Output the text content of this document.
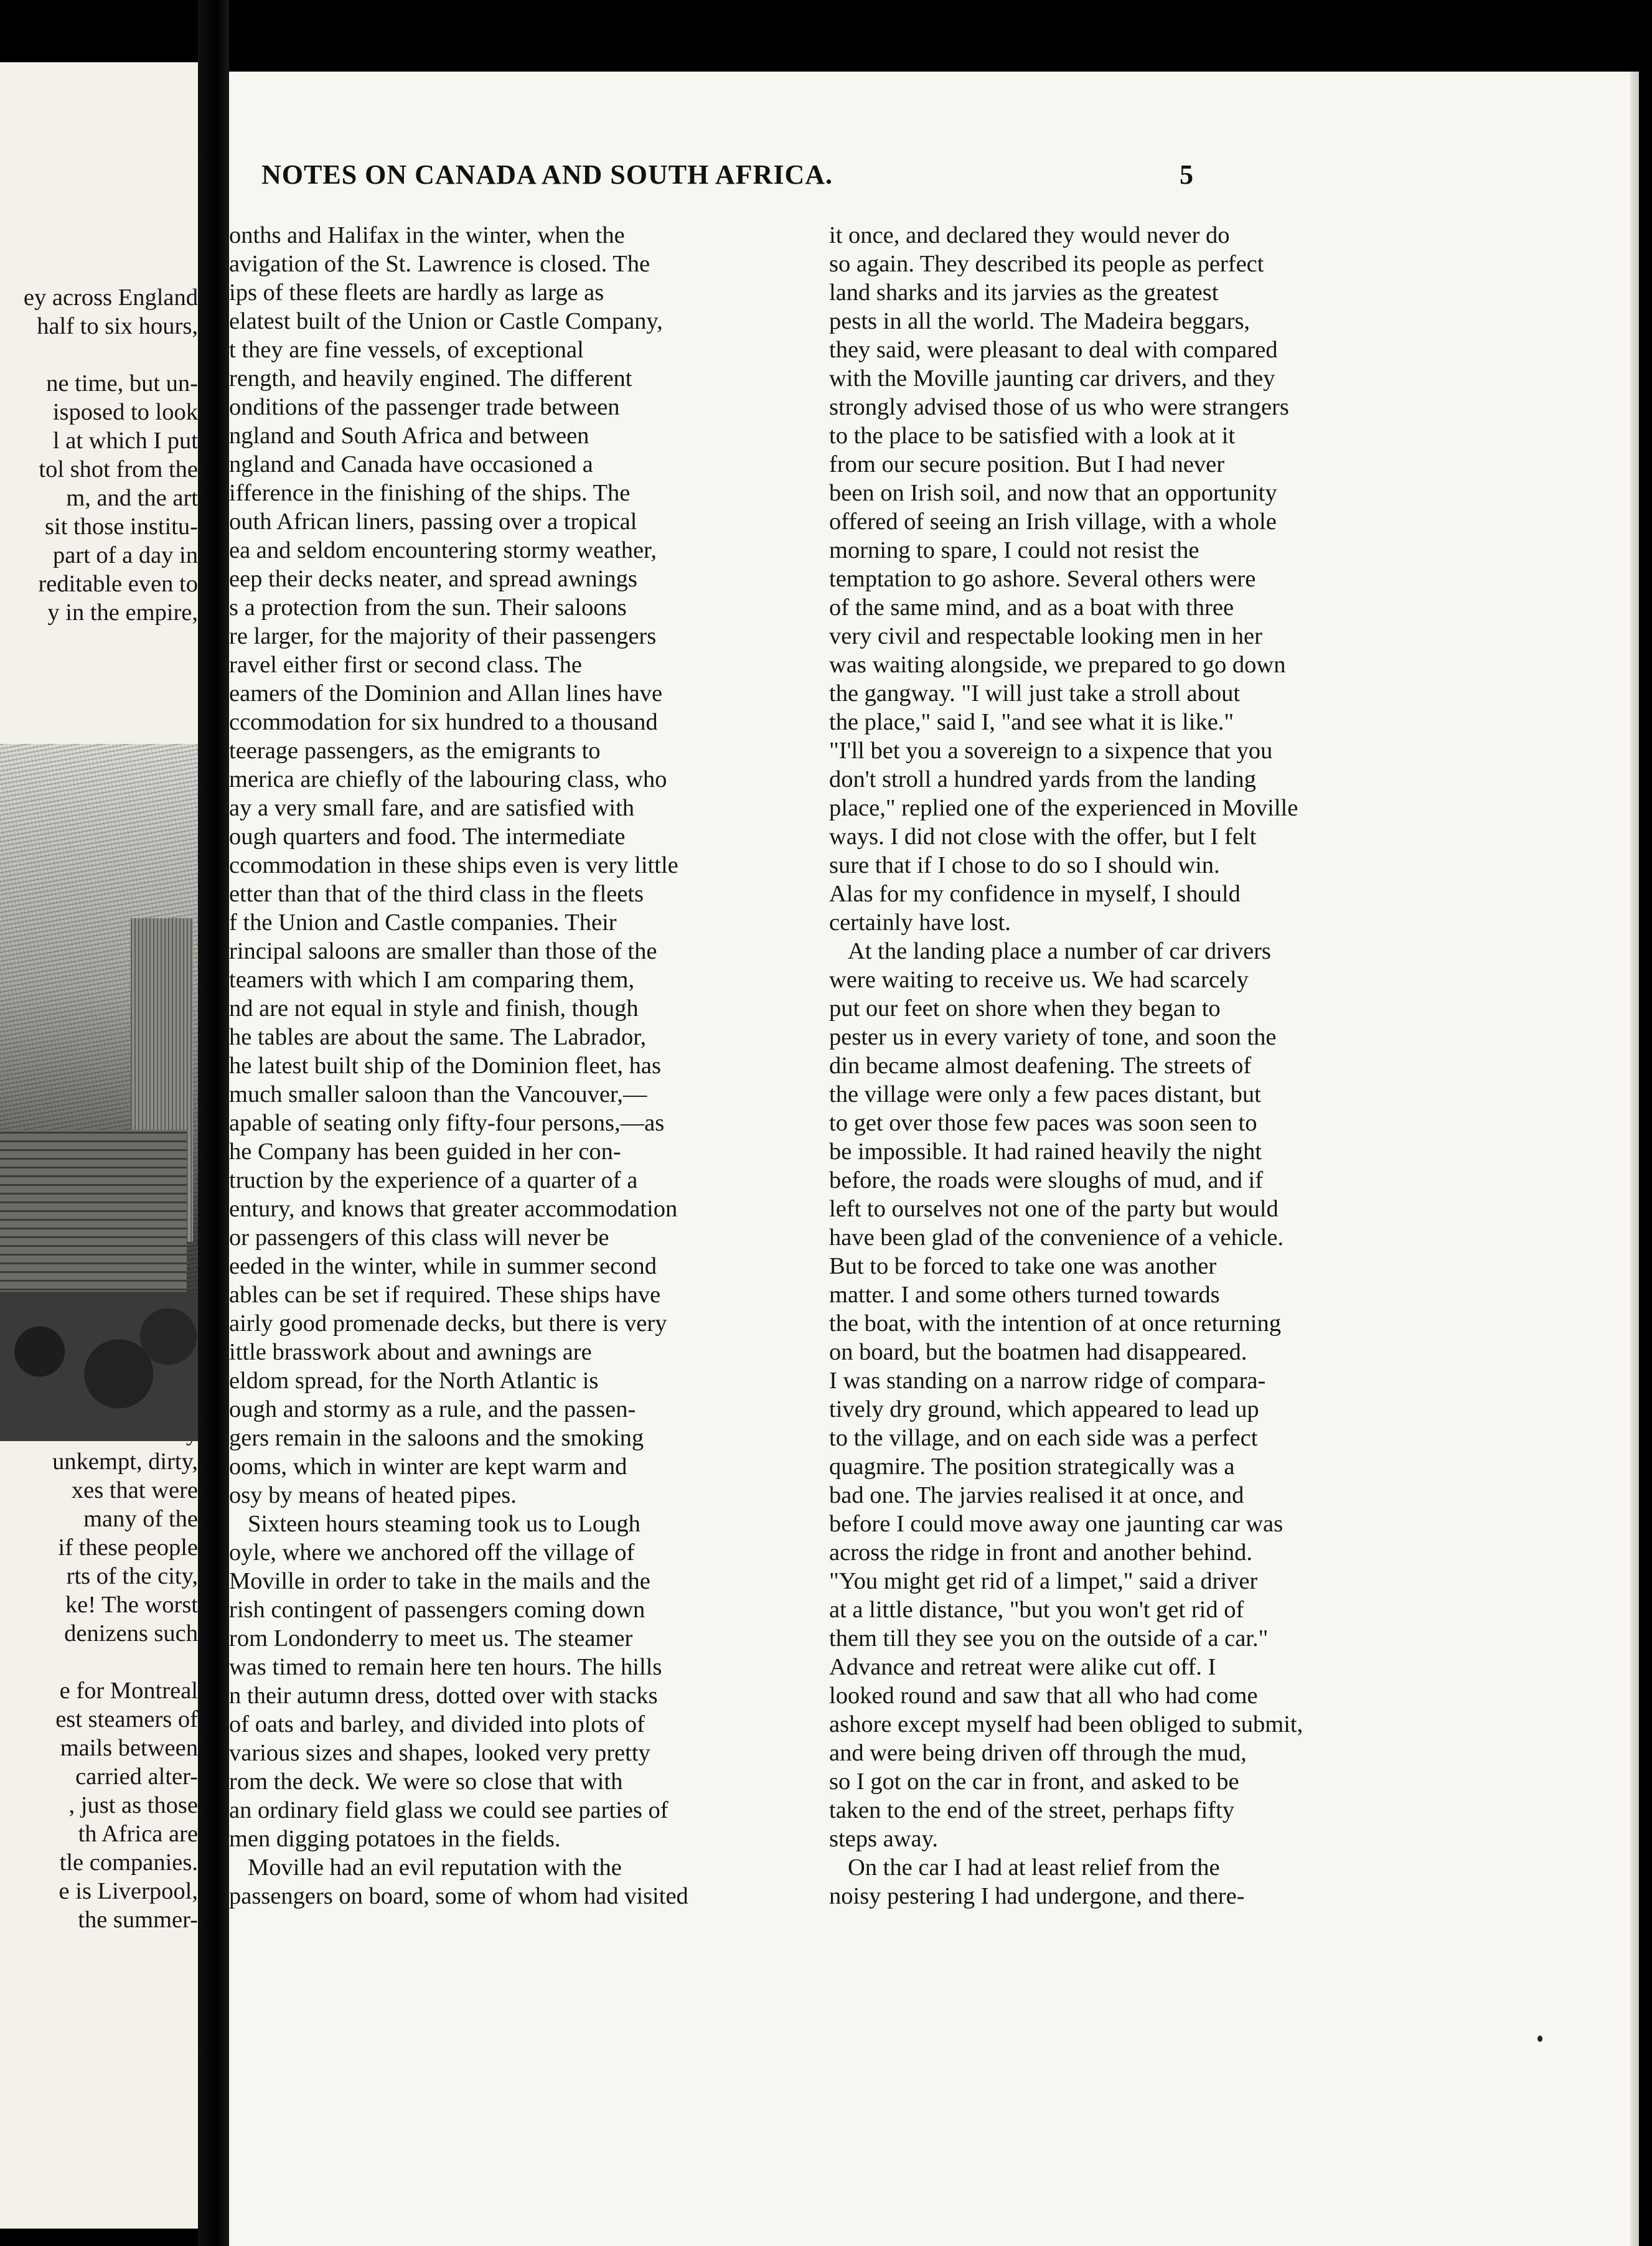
ey across England
half to six hours,
ne time, but un-
isposed to look
l at which I put
tol shot from the
m, and the art
sit those institu-
part of a day in
reditable even to
y in the empire,
unkempt, dirty,
xes that were
many of the
if these people
rts of the city,
ke! The worst
denizens such
e for Montreal
est steamers of
mails between
carried alter-
, just as those
th Africa are
tle companies.
e is Liverpool,
the summer-
NOTES ON CANADA AND SOUTH AFRICA.	5
onths and Halifax in the winter, when the
avigation of the St. Lawrence is closed. The
ips of these fleets are hardly as large as
elatest built of the Union or Castle Company,
t they are fine vessels, of exceptional
rength, and heavily engined. The different
onditions of the passenger trade between
ngland and South Africa and between
ngland and Canada have occasioned a
ifference in the finishing of the ships. The
outh African liners, passing over a tropical
ea and seldom encountering stormy weather,
eep their decks neater, and spread awnings
s a protection from the sun. Their saloons
re larger, for the majority of their passengers
ravel either first or second class. The
eamers of the Dominion and Allan lines have
ccommodation for six hundred to a thousand
teerage passengers, as the emigrants to
merica are chiefly of the labouring class, who
ay a very small fare, and are satisfied with
ough quarters and food. The intermediate
ccommodation in these ships even is very little
etter than that of the third class in the fleets
f the Union and Castle companies. Their
rincipal saloons are smaller than those of the
teamers with which I am comparing them,
nd are not equal in style and finish, though
he tables are about the same. The Labrador,
he latest built ship of the Dominion fleet, has
much smaller saloon than the Vancouver,—
apable of seating only fifty-four persons,—as
he Company has been guided in her con-
truction by the experience of a quarter of a
entury, and knows that greater accommodation
or passengers of this class will never be
eeded in the winter, while in summer second
ables can be set if required. These ships have
airly good promenade decks, but there is very
ittle brasswork about and awnings are
eldom spread, for the North Atlantic is
ough and stormy as a rule, and the passen-
gers remain in the saloons and the smoking
ooms, which in winter are kept warm and
osy by means of heated pipes.
Sixteen hours steaming took us to Lough
oyle, where we anchored off the village of
Moville in order to take in the mails and the
rish contingent of passengers coming down
rom Londonderry to meet us. The steamer
was timed to remain here ten hours. The hills
n their autumn dress, dotted over with stacks
of oats and barley, and divided into plots of
various sizes and shapes, looked very pretty
rom the deck. We were so close that with
an ordinary field glass we could see parties of
men digging potatoes in the fields.
Moville had an evil reputation with the
passengers on board, some of whom had visited
it once, and declared they would never do
so again. They described its people as perfect
land sharks and its jarvies as the greatest
pests in all the world. The Madeira beggars,
they said, were pleasant to deal with compared
with the Moville jaunting car drivers, and they
strongly advised those of us who were strangers
to the place to be satisfied with a look at it
from our secure position. But I had never
been on Irish soil, and now that an opportunity
offered of seeing an Irish village, with a whole
morning to spare, I could not resist the
temptation to go ashore. Several others were
of the same mind, and as a boat with three
very civil and respectable looking men in her
was waiting alongside, we prepared to go down
the gangway. "I will just take a stroll about
the place," said I, "and see what it is like."
"I'll bet you a sovereign to a sixpence that you
don't stroll a hundred yards from the landing
place," replied one of the experienced in Moville
ways. I did not close with the offer, but I felt
sure that if I chose to do so I should win.
Alas for my confidence in myself, I should
certainly have lost.
At the landing place a number of car drivers
were waiting to receive us. We had scarcely
put our feet on shore when they began to
pester us in every variety of tone, and soon the
din became almost deafening. The streets of
the village were only a few paces distant, but
to get over those few paces was soon seen to
be impossible. It had rained heavily the night
before, the roads were sloughs of mud, and if
left to ourselves not one of the party but would
have been glad of the convenience of a vehicle.
But to be forced to take one was another
matter. I and some others turned towards
the boat, with the intention of at once returning
on board, but the boatmen had disappeared.
I was standing on a narrow ridge of compara-
tively dry ground, which appeared to lead up
to the village, and on each side was a perfect
quagmire. The position strategically was a
bad one. The jarvies realised it at once, and
before I could move away one jaunting car was
across the ridge in front and another behind.
"You might get rid of a limpet," said a driver
at a little distance, "but you won't get rid of
them till they see you on the outside of a car."
Advance and retreat were alike cut off. I
looked round and saw that all who had come
ashore except myself had been obliged to submit,
and were being driven off through the mud,
so I got on the car in front, and asked to be
taken to the end of the street, perhaps fifty
steps away.
On the car I had at least relief from the
noisy pestering I had undergone, and there-
